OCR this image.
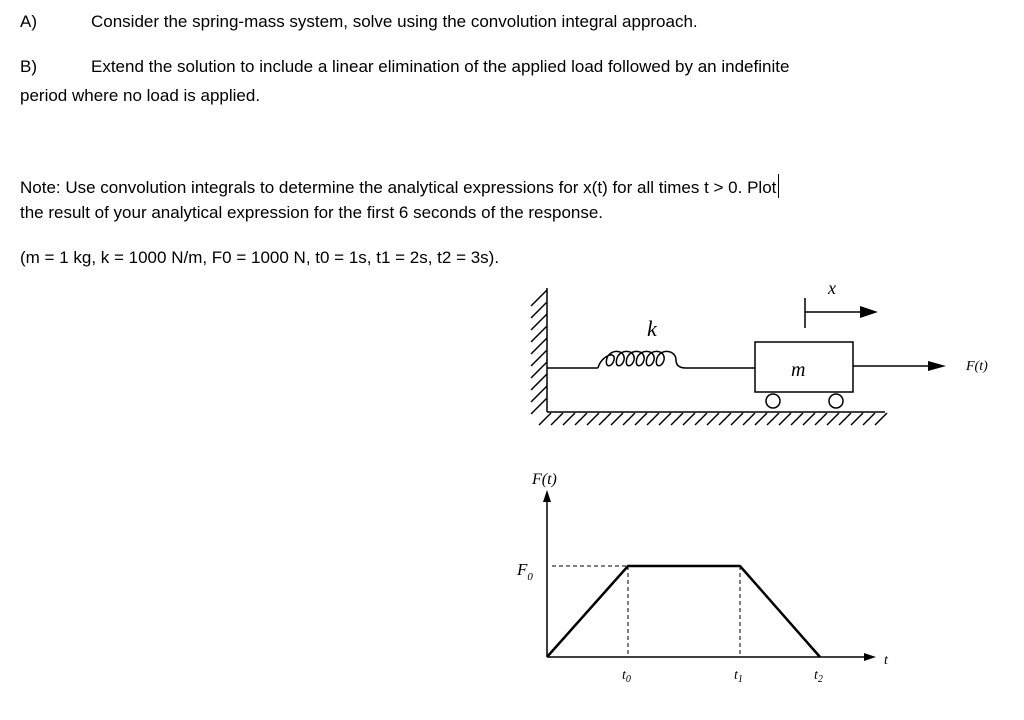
A)	Consider the spring-mass system, solve using the convolution integral approach.
B)	Extend the solution to include a linear elimination of the applied load followed by an indefinite
period where no load is applied.
Note: Use convolution integrals to determine the analytical expressions for x(t) for all times t > 0. Plot
the result of your analytical expression for the first 6 seconds of the response.
(m = 1 kg, k = 1000 N/m, F0 = 1000 N, t0 = 1s, t1 = 2s, t2 = 3s).
k
m
x
F(t)
F(t)
$F_0$
$t_0$	$t_1$	$t_2$
t
